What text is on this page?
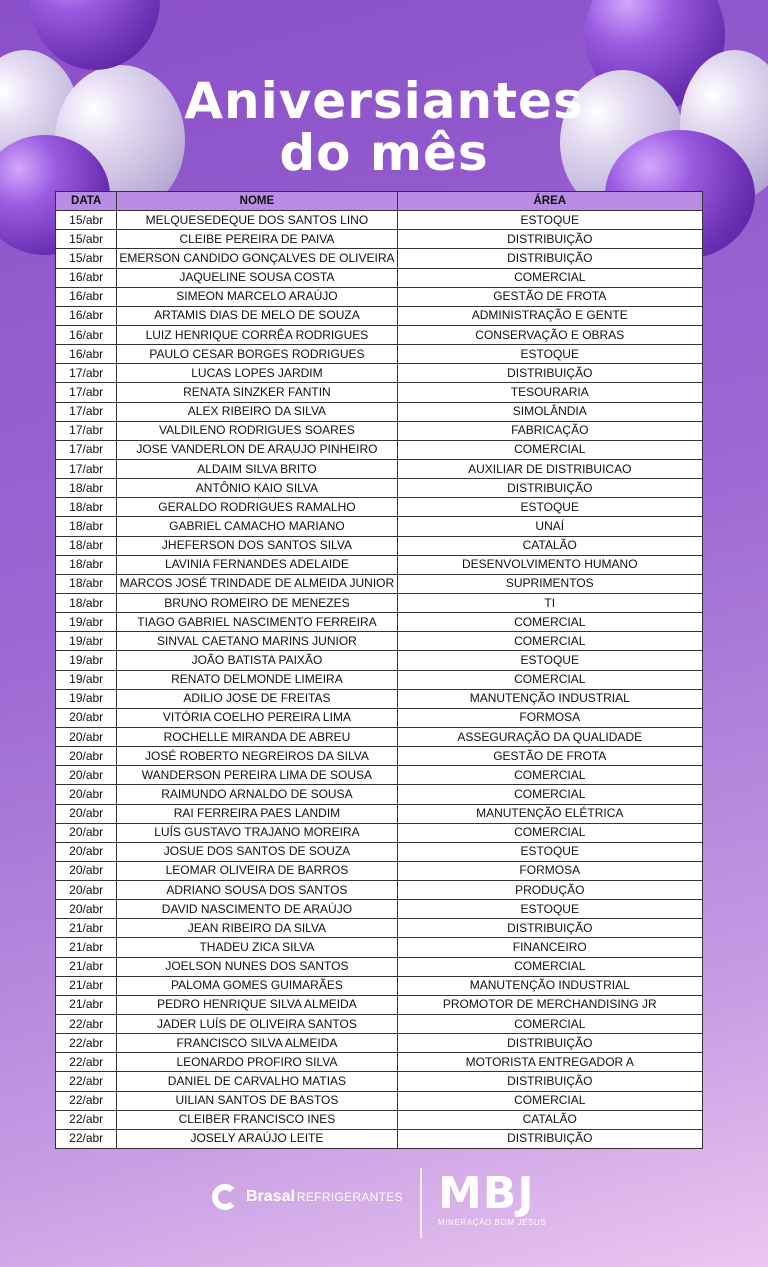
Aniversiantes
do mês
DATA	NOME	ÁREA
15/abr	MELQUESEDEQUE DOS SANTOS LINO	ESTOQUE
15/abr	CLEIBE PEREIRA DE PAIVA	DISTRIBUIÇÃO
15/abr	EMERSON CANDIDO GONÇALVES DE OLIVEIRA	DISTRIBUIÇÃO
16/abr	JAQUELINE SOUSA COSTA	COMERCIAL
16/abr	SIMEON MARCELO ARAÚJO	GESTÃO DE FROTA
16/abr	ARTAMIS DIAS DE MELO DE SOUZA	ADMINISTRAÇÃO E GENTE
16/abr	LUIZ HENRIQUE CORRÊA RODRIGUES	CONSERVAÇÃO E OBRAS
16/abr	PAULO CESAR BORGES RODRIGUES	ESTOQUE
17/abr	LUCAS LOPES JARDIM	DISTRIBUIÇÃO
17/abr	RENATA SINZKER FANTIN	TESOURARIA
17/abr	ALEX RIBEIRO DA SILVA	SIMOLÂNDIA
17/abr	VALDILENO RODRIGUES SOARES	FABRICAÇÃO
17/abr	JOSE VANDERLON DE ARAUJO PINHEIRO	COMERCIAL
17/abr	ALDAIM SILVA BRITO	AUXILIAR DE DISTRIBUICAO
18/abr	ANTÔNIO KAIO SILVA	DISTRIBUIÇÃO
18/abr	GERALDO RODRIGUES RAMALHO	ESTOQUE
18/abr	GABRIEL CAMACHO MARIANO	UNAÍ
18/abr	JHEFERSON DOS SANTOS SILVA	CATALÃO
18/abr	LAVINIA FERNANDES ADELAIDE	DESENVOLVIMENTO HUMANO
18/abr	MARCOS JOSÉ TRINDADE DE ALMEIDA JUNIOR	SUPRIMENTOS
18/abr	BRUNO ROMEIRO DE MENEZES	TI
19/abr	TIAGO GABRIEL NASCIMENTO FERREIRA	COMERCIAL
19/abr	SINVAL CAETANO MARINS JUNIOR	COMERCIAL
19/abr	JOÃO BATISTA PAIXÃO	ESTOQUE
19/abr	RENATO DELMONDE LIMEIRA	COMERCIAL
19/abr	ADILIO JOSE DE FREITAS	MANUTENÇÃO INDUSTRIAL
20/abr	VITÓRIA COELHO PEREIRA LIMA	FORMOSA
20/abr	ROCHELLE MIRANDA DE ABREU	ASSEGURAÇÃO DA QUALIDADE
20/abr	JOSÉ ROBERTO NEGREIROS DA SILVA	GESTÃO DE FROTA
20/abr	WANDERSON PEREIRA LIMA DE SOUSA	COMERCIAL
20/abr	RAIMUNDO ARNALDO DE SOUSA	COMERCIAL
20/abr	RAI FERREIRA PAES LANDIM	MANUTENÇÃO ELÉTRICA
20/abr	LUÍS GUSTAVO TRAJANO MOREIRA	COMERCIAL
20/abr	JOSUE DOS SANTOS DE SOUZA	ESTOQUE
20/abr	LEOMAR OLIVEIRA DE BARROS	FORMOSA
20/abr	ADRIANO SOUSA DOS SANTOS	PRODUÇÃO
20/abr	DAVID NASCIMENTO DE ARAÚJO	ESTOQUE
21/abr	JEAN RIBEIRO DA SILVA	DISTRIBUIÇÃO
21/abr	THADEU ZICA SILVA	FINANCEIRO
21/abr	JOELSON NUNES DOS SANTOS	COMERCIAL
21/abr	PALOMA GOMES GUIMARÃES	MANUTENÇÃO INDUSTRIAL
21/abr	PEDRO HENRIQUE SILVA ALMEIDA	PROMOTOR DE MERCHANDISING JR
22/abr	JADER LUÍS DE OLIVEIRA SANTOS	COMERCIAL
22/abr	FRANCISCO SILVA ALMEIDA	DISTRIBUIÇÃO
22/abr	LEONARDO PROFIRO SILVA	MOTORISTA ENTREGADOR A
22/abr	DANIEL DE CARVALHO MATIAS	DISTRIBUIÇÃO
22/abr	UILIAN SANTOS DE BASTOS	COMERCIAL
22/abr	CLEIBER FRANCISCO INES	CATALÃO
22/abr	JOSELY ARAÚJO LEITE	DISTRIBUIÇÃO
Brasal REFRIGERANTES MBJ
MINERAÇÃO BOM JESUS
